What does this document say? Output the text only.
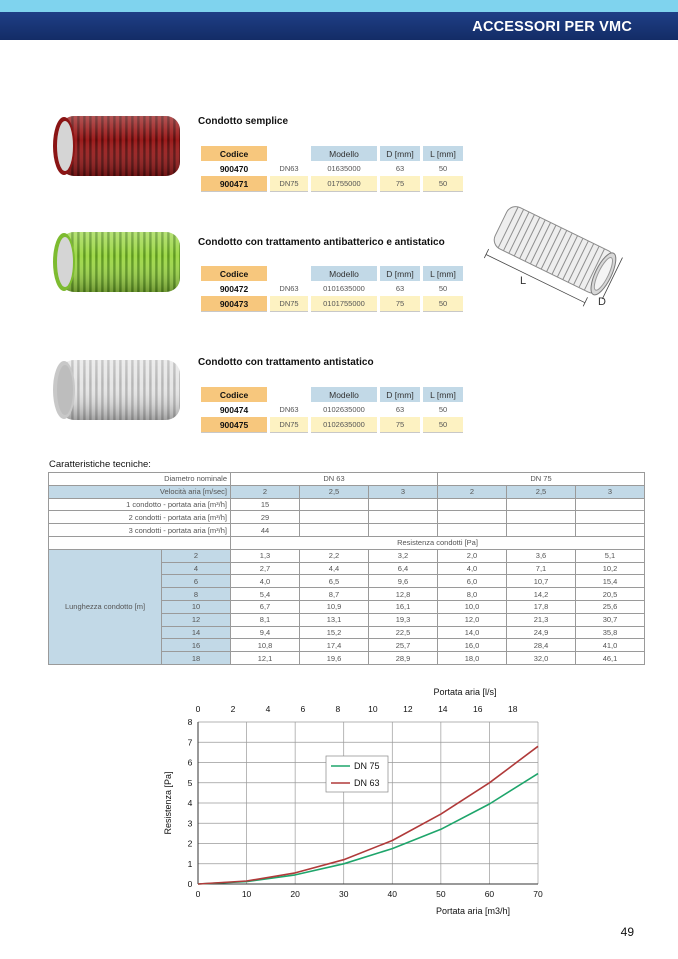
ACCESSORI PER VMC
Condotto semplice
Codice		Modello	D [mm]	L [mm]
900470	DN63	01635000	63	50
900471	DN75	01755000	75	50
Condotto con trattamento antibatterico e antistatico
Codice		Modello	D [mm]	L [mm]
900472	DN63	0101635000	63	50
900473	DN75	0101755000	75	50
Condotto con trattamento antistatico
Codice		Modello	D [mm]	L [mm]
900474	DN63	0102635000	63	50
900475	DN75	0102635000	75	50
L
D
Caratteristiche tecniche:
Diametro nominale		DN 63			DN 75		
Velocità aria [m/sec]		2	2,5	3	2	2,5	3
1 condotto - portata aria [m³/h]		15					
2 condotti - portata aria [m³/h]		29					
3 condotti - portata aria [m³/h]		44					
		Resistenza condotti [Pa]					
Lunghezza condotto [m]	2	1,3	2,2	3,2	2,0	3,6	5,1
	4	2,7	4,4	6,4	4,0	7,1	10,2
	6	4,0	6,5	9,6	6,0	10,7	15,4
	8	5,4	8,7	12,8	8,0	14,2	20,5
	10	6,7	10,9	16,1	10,0	17,8	25,6
	12	8,1	13,1	19,3	12,0	21,3	30,7
	14	9,4	15,2	22,5	14,0	24,9	35,8
	16	10,8	17,4	25,7	16,0	28,4	41,0
	18	12,1	19,6	28,9	18,0	32,0	46,1
0	10	20	30	40	50	60	70
0
1
2
3
4
5
6
7
8
0	2	4	6	8	10	12	14	16	18
Portata aria [m3/h]
Portata aria [l/s]
Resistenza [Pa]
DN 75
DN 63
49
